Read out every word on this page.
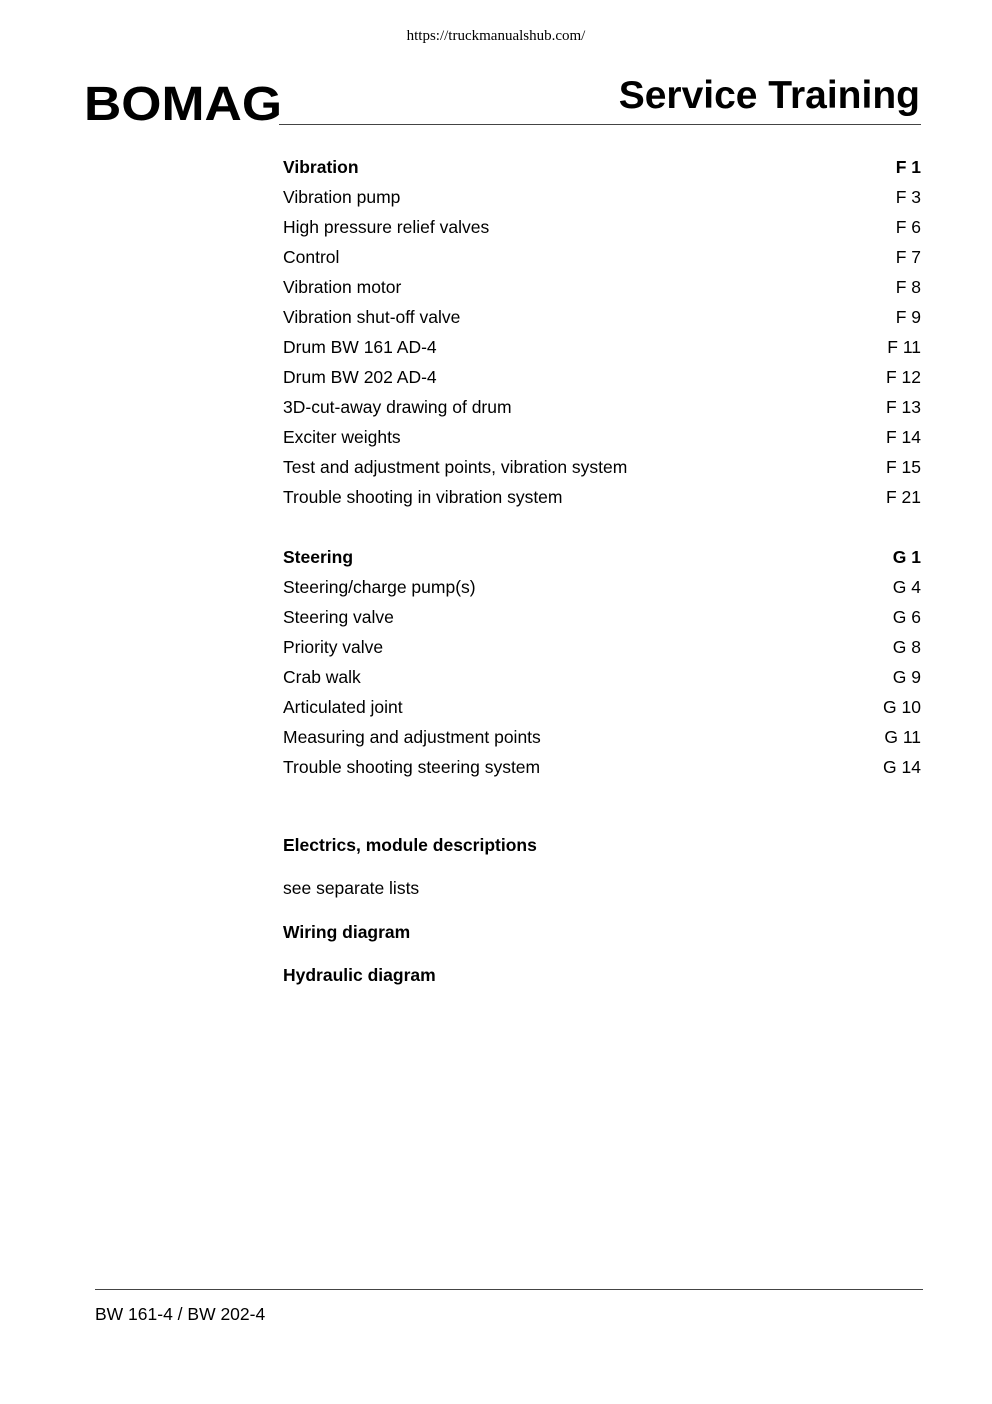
https://truckmanualshub.com/
BOMAG	Service Training
Vibration	F 1
Vibration pump	F 3
High pressure relief valves	F 6
Control	F 7
Vibration motor	F 8
Vibration shut-off valve	F 9
Drum BW 161 AD-4	F 11
Drum BW 202 AD-4	F 12
3D-cut-away drawing of drum	F 13
Exciter weights	F 14
Test and adjustment points, vibration system	F 15
Trouble shooting in vibration system	F 21
Steering	G 1
Steering/charge pump(s)	G 4
Steering valve	G 6
Priority valve	G 8
Crab walk	G 9
Articulated joint	G 10
Measuring and adjustment points	G 11
Trouble shooting steering system	G 14
Electrics, module descriptions
see separate lists
Wiring diagram
Hydraulic diagram
BW 161-4 / BW 202-4
